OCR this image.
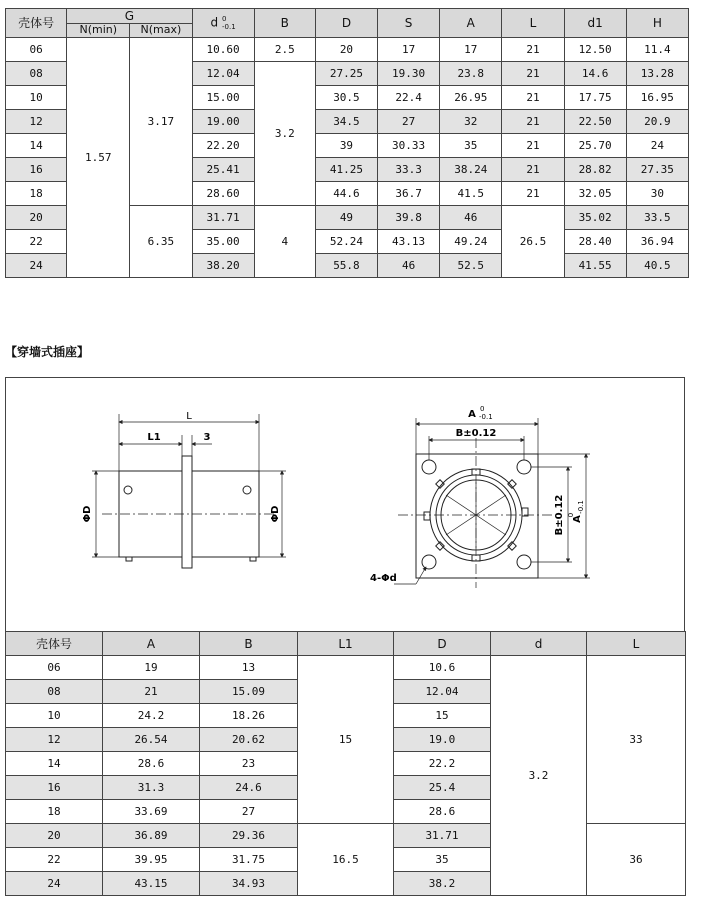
壳体号	G		d 0
-0.1	B	D	S	A	L	d1	H
	N(min)	N(max)								
06	1.57	3.17	10.60	2.5	20	17	17	21	12.50	11.4
08			12.04	3.2	27.25	19.30	23.8	21	14.6	13.28
10			15.00		30.5	22.4	26.95	21	17.75	16.95
12			19.00		34.5	27	32	21	22.50	20.9
14			22.20		39	30.33	35	21	25.70	24
16			25.41		41.25	33.3	38.24	21	28.82	27.35
18			28.60		44.6	36.7	41.5	21	32.05	30
20		6.35	31.71	4	49	39.8	46	26.5	35.02	33.5
22			35.00		52.24	43.13	49.24		28.40	36.94
24			38.20		55.8	46	52.5		41.55	40.5
【穿墙式插座】
L
L1	3
ΦD	ΦD
A 0
-0.1
B±0.12
B±0.12 A
0
-0.1
4-Φd
壳体号	A	B	L1	D	d	L
06	19	13	15	10.6	3.2	33
08	21	15.09		12.04		
10	24.2	18.26		15		
12	26.54	20.62		19.0		
14	28.6	23		22.2		
16	31.3	24.6		25.4		
18	33.69	27		28.6		
20	36.89	29.36	16.5	31.71		36
22	39.95	31.75		35		
24	43.15	34.93		38.2		
